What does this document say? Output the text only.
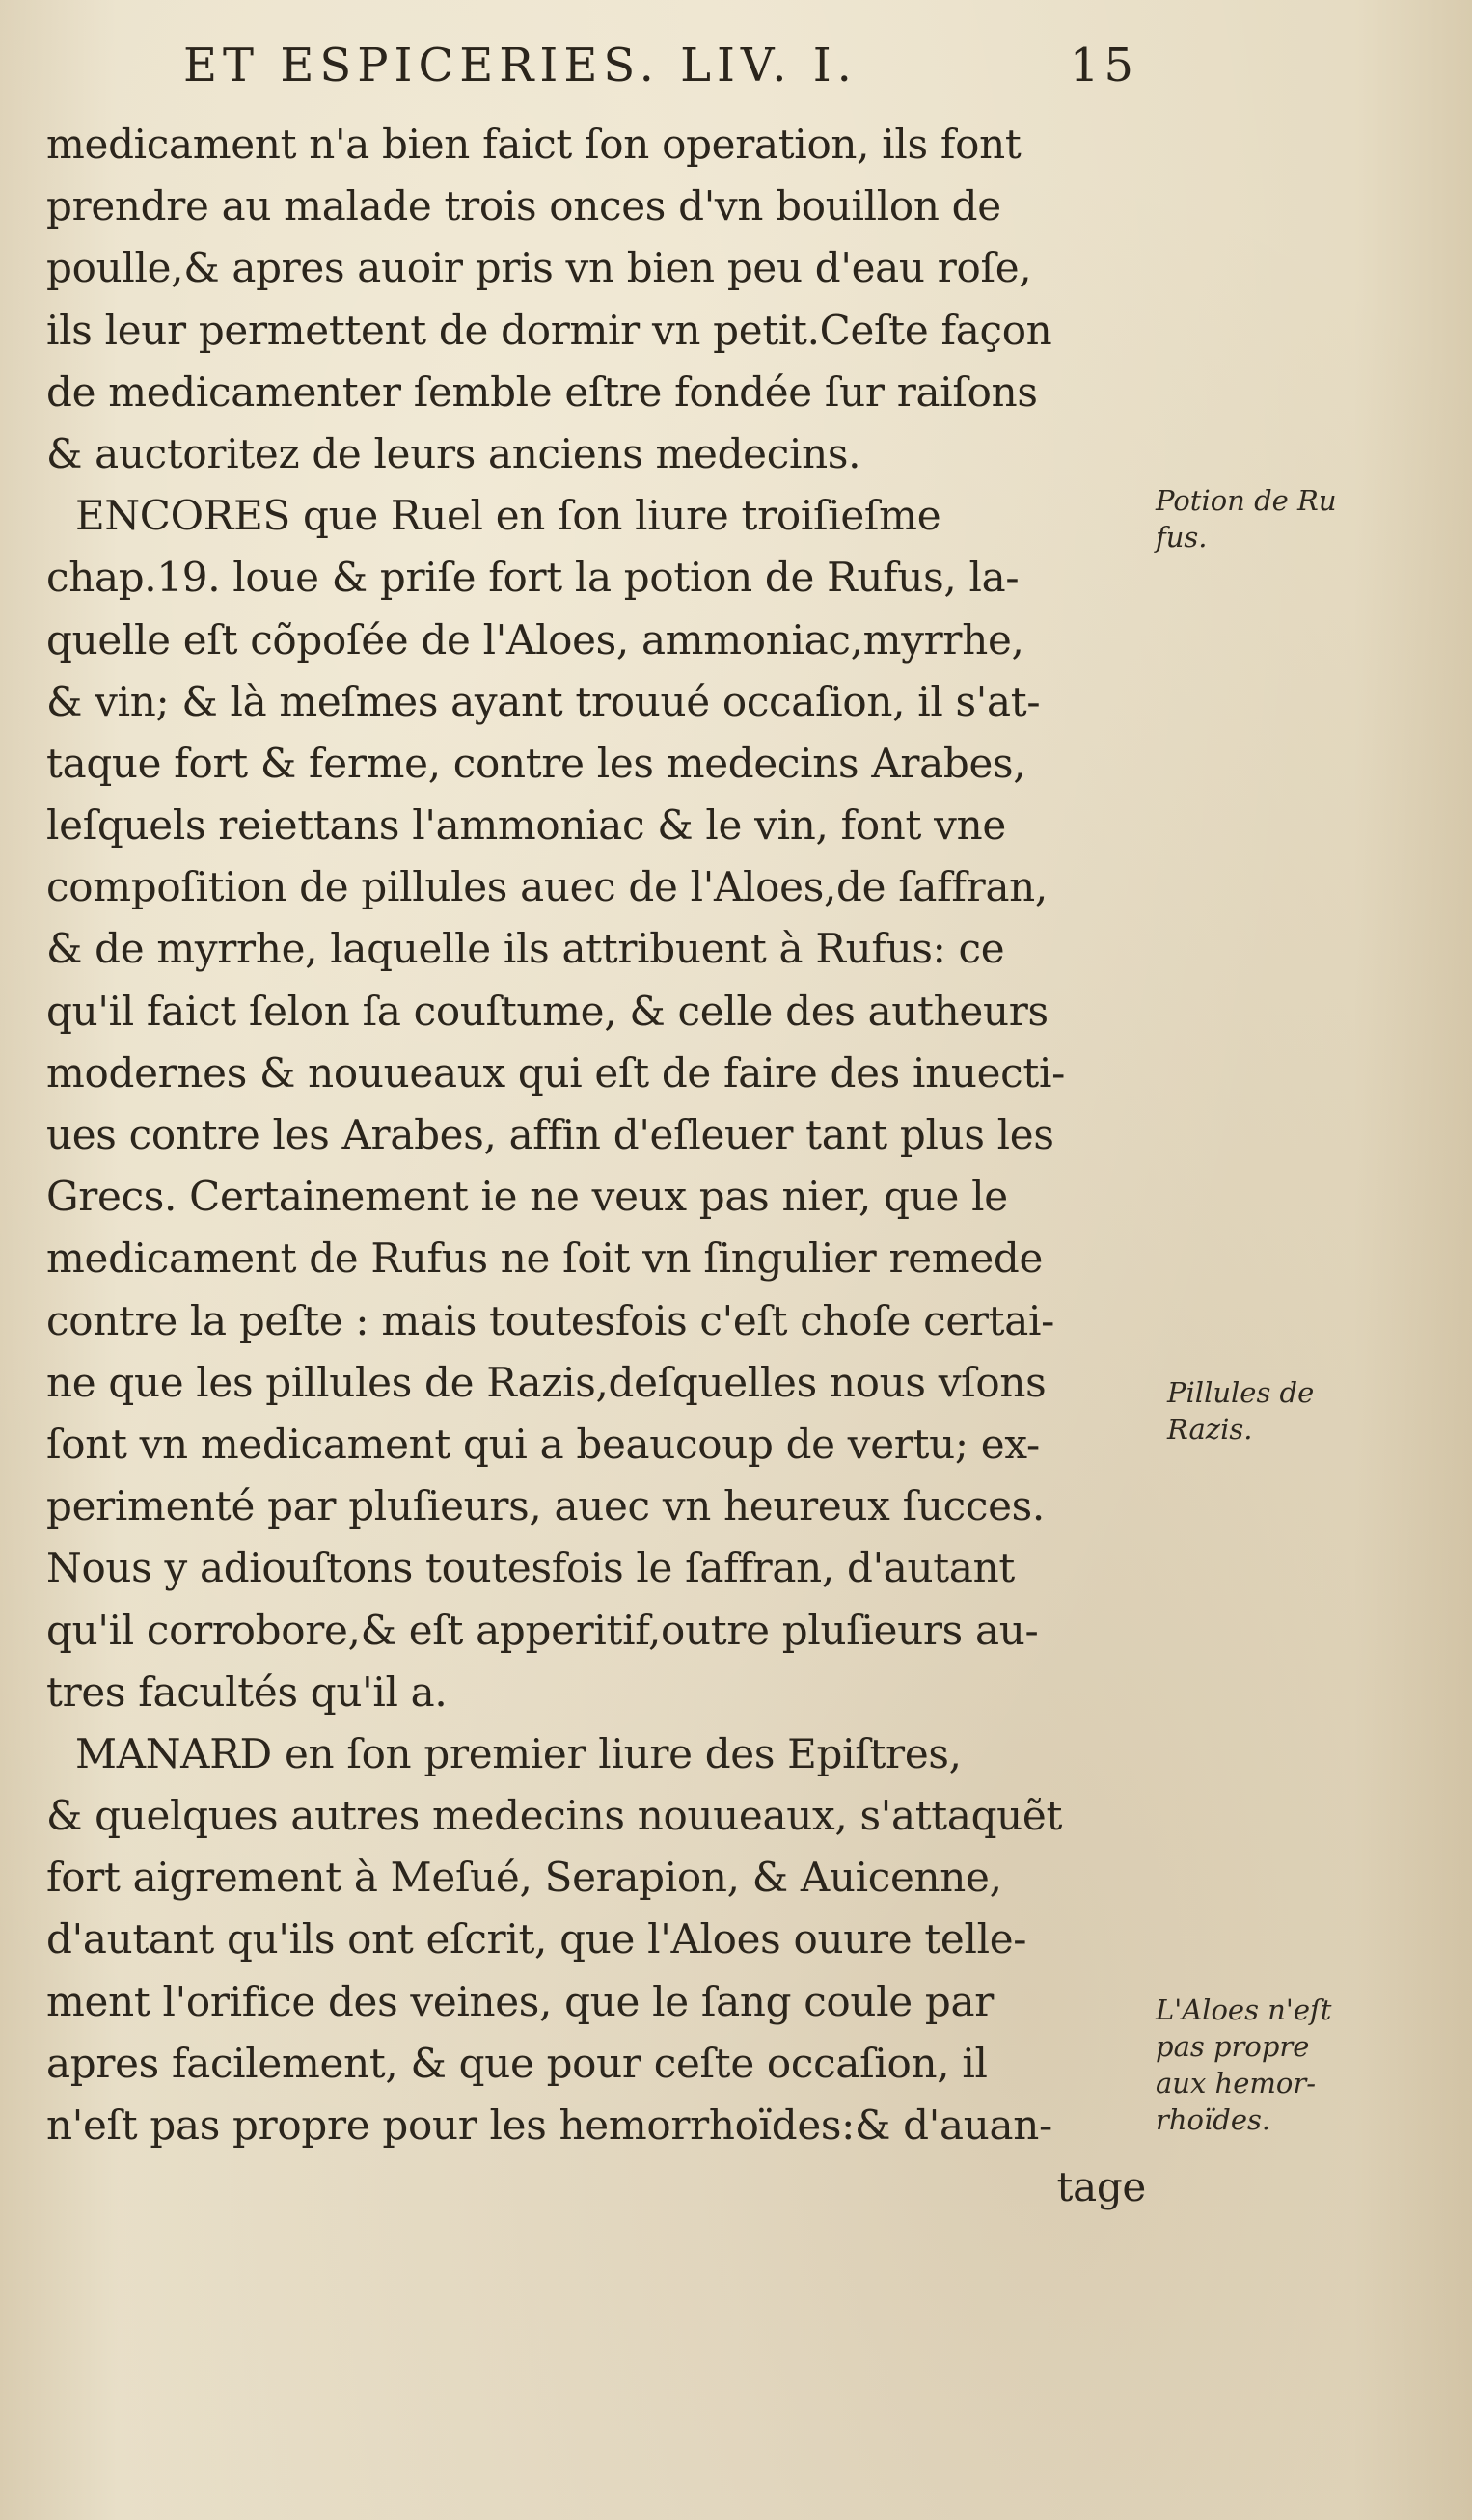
ET ESPICERIES. LIV. I.	15
medicament n'a bien faict ſon operation, ils font
prendre au malade trois onces d'vn bouillon de
poulle,& apres auoir pris vn bien peu d'eau roſe,
ils leur permettent de dormir vn petit.Ceſte façon
de medicamenter ſemble eſtre fondée ſur raiſons
& auctoritez de leurs anciens medecins.
ENCORES que Ruel en ſon liure troiſieſme
chap.19. loue & priſe fort la potion de Rufus, la-
quelle eſt cõpoſée de l'Aloes, ammoniac,myrrhe,
& vin; & là meſmes ayant trouué occaſion, il s'at-
taque fort & ferme, contre les medecins Arabes,
leſquels reiettans l'ammoniac & le vin, font vne
compoſition de pillules auec de l'Aloes,de ſaffran,
& de myrrhe, laquelle ils attribuent à Rufus: ce
qu'il faict ſelon ſa couſtume, & celle des autheurs
modernes & nouueaux qui eſt de faire des inuecti-
ues contre les Arabes, affin d'eſleuer tant plus les
Grecs. Certainement ie ne veux pas nier, que le
medicament de Rufus ne ſoit vn ſingulier remede
contre la peſte : mais toutesfois c'eſt choſe certai-
ne que les pillules de Razis,deſquelles nous vſons
ſont vn medicament qui a beaucoup de vertu; ex-
perimenté par pluſieurs, auec vn heureux ſucces.
Nous y adiouſtons toutesfois le ſaffran, d'autant
qu'il corrobore,& eſt apperitif,outre pluſieurs au-
tres facultés qu'il a.
MANARD en ſon premier liure des Epiſtres,
& quelques autres medecins nouueaux, s'attaquẽt
fort aigrement à Meſué, Serapion, & Auicenne,
d'autant qu'ils ont eſcrit, que l'Aloes ouure telle-
ment l'orifice des veines, que le ſang coule par
apres facilement, & que pour ceſte occaſion, il
n'eſt pas propre pour les hemorrhoïdes:& d'auan-
tage
Potion de Ru
fus.
Pillules de
Razis.
L'Aloes n'eſt
pas propre
aux hemor-
rhoïdes.
